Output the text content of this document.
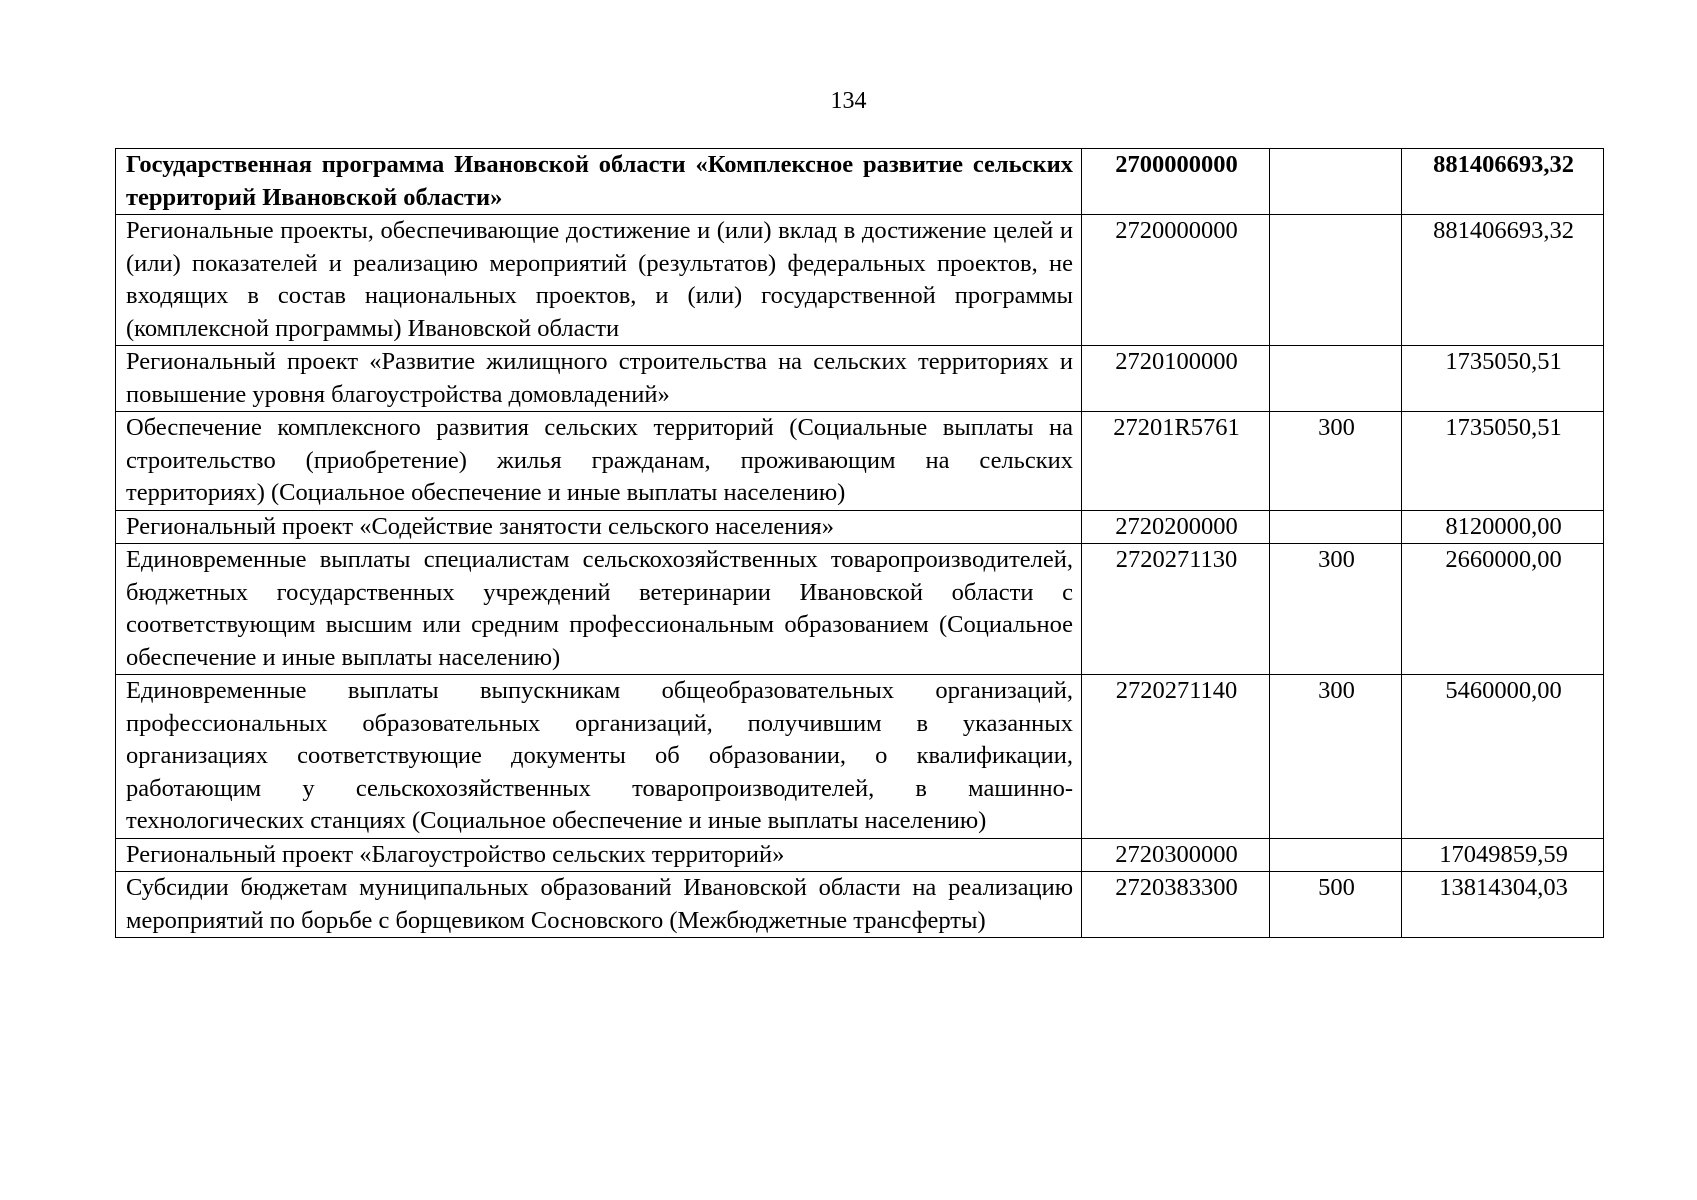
134
Государственная программа Ивановской области «Комплексное развитие сельских территорий Ивановской области»	2700000000		881406693,32
Региональные проекты, обеспечивающие достижение и (или) вклад в достижение целей и (или) показателей и реализацию мероприятий (результатов) федеральных проектов, не входящих в состав национальных проектов, и (или) государственной программы (комплексной программы) Ивановской области	2720000000		881406693,32
Региональный проект «Развитие жилищного строительства на сельских территориях и повышение уровня благоустройства домовладений»	2720100000		1735050,51
Обеспечение комплексного развития сельских территорий (Социальные выплаты на строительство (приобретение) жилья гражданам, проживающим на сельских территориях) (Социальное обеспечение и иные выплаты населению)	27201R5761	300	1735050,51
Региональный проект «Содействие занятости сельского населения»	2720200000		8120000,00
Единовременные выплаты специалистам сельскохозяйственных товаропроизводителей, бюджетных государственных учреждений ветеринарии Ивановской области с соответствующим высшим или средним профессиональным образованием (Социальное обеспечение и иные выплаты населению)	2720271130	300	2660000,00
Единовременные выплаты выпускникам общеобразовательных организаций, профессиональных образовательных организаций, получившим в указанных организациях соответствующие документы об образовании, о квалификации, работающим у сельскохозяйственных товаропроизводителей, в машинно-технологических станциях (Социальное обеспечение и иные выплаты населению)	2720271140	300	5460000,00
Региональный проект «Благоустройство сельских территорий»	2720300000		17049859,59
Субсидии бюджетам муниципальных образований Ивановской области на реализацию мероприятий по борьбе с борщевиком Сосновского (Межбюджетные трансферты)	2720383300	500	13814304,03
